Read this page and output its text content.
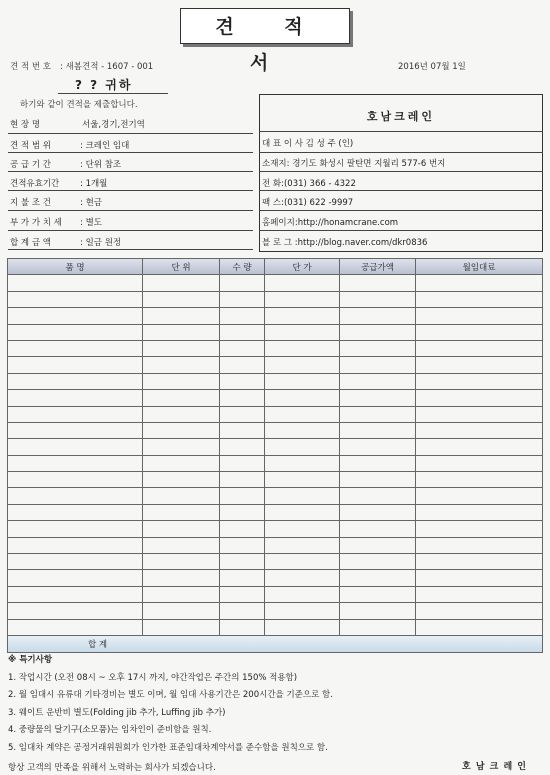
견 적 서
견 적 번 호 : 새봄견적 - 1607 - 001	2016년 07월 1일
? ? 귀하
하기와 같이 견적을 제출합니다.
현 장 명	서울,경기,전기역
견 적 범 위	: 크레인 임대
공 급 기 간	: 단위 참조
견적유효기간 : 1개월
지 불 조 건	: 현금
부 가 가 치 세 : 별도
합 계 금 액	: 일금 원정
호남크레인
대 표 이 사 김 성 주 (인)
소재지: 경기도 화성시 팔탄면 지월리 577-6 번지
전 화:(031) 366 - 4322
팩 스:(031) 622 -9997
홈페이지:http://honamcrane.com
블 로 그 :http://blog.naver.com/dkr0836
품 명	단 위	수 량	단 가	공급가액	월임대료

합 계					
※ 특기사항
1. 작업시간 (오전 08시 ~ 오후 17시 까지, 야간작업은 주간의 150% 적용함)
2. 월 임대시 유류대 기타경비는 별도 이며, 월 임대 사용기간은 200시간을 기준으로 함.
3. 웨이트 운반비 별도(Folding jib 추가, Luffing jib 추가)
4. 중량물의 달기구(소모품)는 임차인이 준비함을 원칙.
5. 임대차 계약은 공정거래위원회가 인가한 표준임대차계약서를 준수함을 원칙으로 함.
항상 고객의 만족을 위해서 노력하는 회사가 되겠습니다.	호 남 크 레 인
